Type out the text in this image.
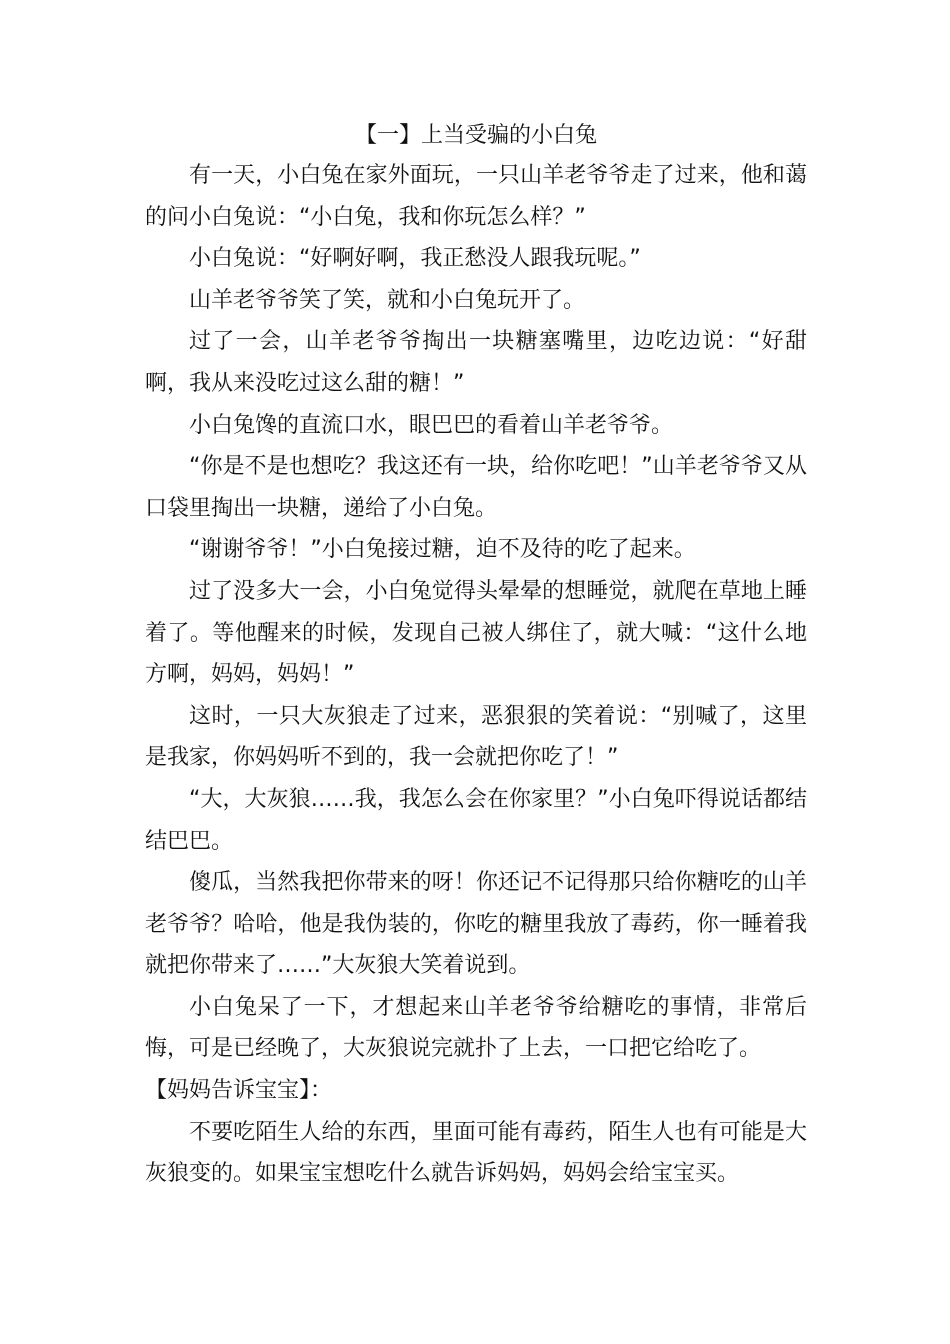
【一】上当受骗的小白兔

有一天，小白兔在家外面玩，一只山羊老爷爷走了过来，他和蔼的问小白兔说：“小白兔，我和你玩怎么样？”

小白兔说：“好啊好啊，我正愁没人跟我玩呢。”

山羊老爷爷笑了笑，就和小白兔玩开了。

过了一会，山羊老爷爷掏出一块糖塞嘴里，边吃边说：“好甜啊，我从来没吃过这么甜的糖！”

小白兔馋的直流口水，眼巴巴的看着山羊老爷爷。

“你是不是也想吃？我这还有一块，给你吃吧！”山羊老爷爷又从口袋里掏出一块糖，递给了小白兔。

“谢谢爷爷！”小白兔接过糖，迫不及待的吃了起来。

过了没多大一会，小白兔觉得头晕晕的想睡觉，就爬在草地上睡着了。等他醒来的时候，发现自己被人绑住了，就大喊：“这什么地方啊，妈妈，妈妈！”

这时，一只大灰狼走了过来，恶狠狠的笑着说：“别喊了，这里是我家，你妈妈听不到的，我一会就把你吃了！”

“大，大灰狼……我，我怎么会在你家里？”小白兔吓得说话都结结巴巴。

傻瓜，当然我把你带来的呀！你还记不记得那只给你糖吃的山羊老爷爷？哈哈，他是我伪装的，你吃的糖里我放了毒药，你一睡着我就把你带来了……”大灰狼大笑着说到。

小白兔呆了一下，才想起来山羊老爷爷给糖吃的事情，非常后悔，可是已经晚了，大灰狼说完就扑了上去，一口把它给吃了。

【妈妈告诉宝宝】：

不要吃陌生人给的东西，里面可能有毒药，陌生人也有可能是大灰狼变的。如果宝宝想吃什么就告诉妈妈，妈妈会给宝宝买。
